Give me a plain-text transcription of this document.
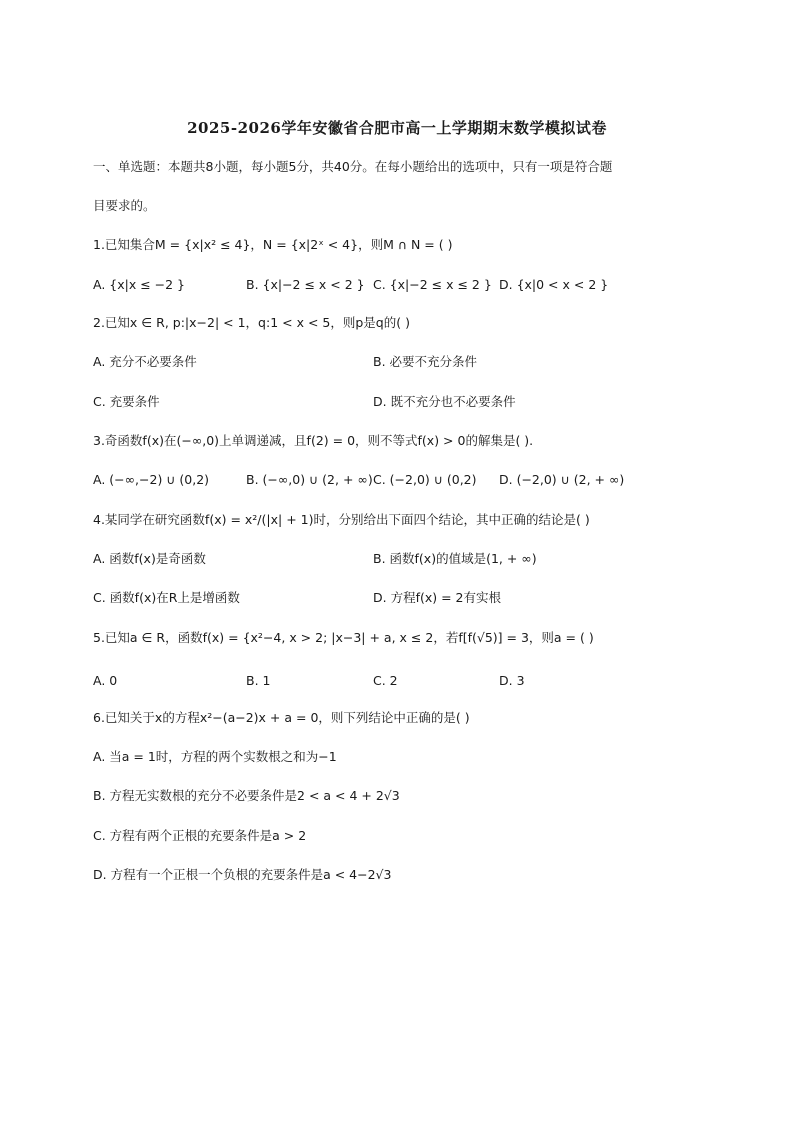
2025-2026学年安徽省合肥市高一上学期期末数学模拟试卷
一、单选题：本题共8小题，每小题5分，共40分。在每小题给出的选项中，只有一项是符合题
目要求的。
1.已知集合M = {x|x² ≤ 4}，N = {x|2ˣ < 4}，则M ∩ N = ( )
A. {x|x ≤ −2 }	B. {x|−2 ≤ x < 2 } C. {x|−2 ≤ x ≤ 2 } D. {x|0 < x < 2 }
2.已知x ∈ R, p:|x−2| < 1，q:1 < x < 5，则p是q的( )
A. 充分不必要条件	B. 必要不充分条件
C. 充要条件	D. 既不充分也不必要条件
3.奇函数f(x)在(−∞,0)上单调递减，且f(2) = 0，则不等式f(x) > 0的解集是( ).
A. (−∞,−2) ∪ (0,2)	B. (−∞,0) ∪ (2, + ∞) C. (−2,0) ∪ (0,2) D. (−2,0) ∪ (2, + ∞)
4.某同学在研究函数f(x) = x²/(|x| + 1)时，分别给出下面四个结论，其中正确的结论是( )
A. 函数f(x)是奇函数	B. 函数f(x)的值域是(1, + ∞)
C. 函数f(x)在R上是增函数	D. 方程f(x) = 2有实根
5.已知a ∈ R，函数f(x) = {x²−4, x > 2; |x−3| + a, x ≤ 2，若f[f(√5)] = 3，则a = ( )
A. 0	B. 1	C. 2	D. 3
6.已知关于x的方程x²−(a−2)x + a = 0，则下列结论中正确的是( )
A. 当a = 1时，方程的两个实数根之和为−1
B. 方程无实数根的充分不必要条件是2 < a < 4 + 2√3
C. 方程有两个正根的充要条件是a > 2
D. 方程有一个正根一个负根的充要条件是a < 4−2√3
